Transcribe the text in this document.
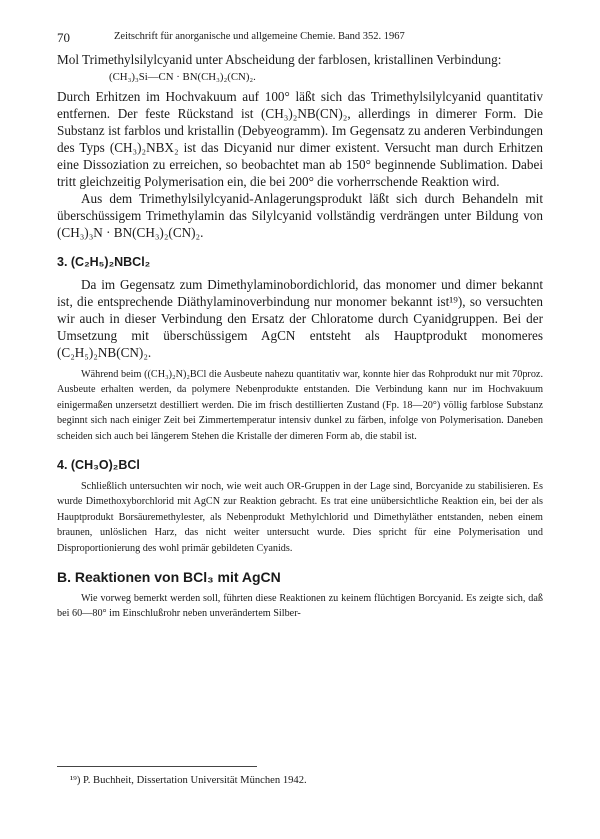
70	Zeitschrift für anorganische und allgemeine Chemie. Band 352. 1967

Mol Trimethylsilylcyanid unter Abscheidung der farblosen, kristallinen Verbindung:

(CH₃)₃Si—CN · BN(CH₃)₂(CN)₂.

Durch Erhitzen im Hochvakuum auf 100° läßt sich das Trimethylsilylcyanid quantitativ entfernen. Der feste Rückstand ist (CH₃)₂NB(CN)₂, allerdings in dimerer Form. Die Substanz ist farblos und kristallin (Debyeogramm). Im Gegensatz zu anderen Verbindungen des Typs (CH₃)₂NBX₂ ist das Dicyanid nur dimer existent. Versucht man durch Erhitzen eine Dissoziation zu erreichen, so beobachtet man ab 150° beginnende Sublimation. Dabei tritt gleichzeitig Polymerisation ein, die bei 200° die vorherrschende Reaktion wird.

Aus dem Trimethylsilylcyanid-Anlagerungsprodukt läßt sich durch Behandeln mit überschüssigem Trimethylamin das Silylcyanid vollständig verdrängen unter Bildung von (CH₃)₃N · BN(CH₃)₂(CN)₂.

3. (C₂H₅)₂NBCl₂

Da im Gegensatz zum Dimethylaminobordichlorid, das monomer und dimer bekannt ist, die entsprechende Diäthylaminoverbindung nur monomer bekannt ist¹⁹), so versuchten wir auch in dieser Verbindung den Ersatz der Chloratome durch Cyanidgruppen. Bei der Umsetzung mit überschüssigem AgCN entsteht als Hauptprodukt monomeres (C₂H₅)₂NB(CN)₂.

Während beim ((CH₃)₂N)₂BCl die Ausbeute nahezu quantitativ war, konnte hier das Rohprodukt nur mit 70proz. Ausbeute erhalten werden, da polymere Nebenprodukte entstanden. Die Verbindung kann nur im Hochvakuum einigermaßen unzersetzt destilliert werden. Die im frisch destillierten Zustand (Fp. 18—20°) völlig farblose Substanz beginnt sich nach einiger Zeit bei Zimmertemperatur intensiv dunkel zu färben, infolge von Polymerisation. Daneben scheiden sich auch bei längerem Stehen die Kristalle der dimeren Form ab, die stabil ist.

4. (CH₃O)₂BCl

Schließlich untersuchten wir noch, wie weit auch OR-Gruppen in der Lage sind, Borcyanide zu stabilisieren. Es wurde Dimethoxyborchlorid mit AgCN zur Reaktion gebracht. Es trat eine unübersichtliche Reaktion ein, bei der als Hauptprodukt Borsäuremethylester, als Nebenprodukt Methylchlorid und Dimethyläther entstanden, neben einem braunen, unlöslichen Harz, das nicht weiter untersucht wurde. Dies spricht für eine Polymerisation und Disproportionierung des wohl primär gebildeten Cyanids.

B. Reaktionen von BCl₃ mit AgCN

Wie vorweg bemerkt werden soll, führten diese Reaktionen zu keinem flüchtigen Borcyanid. Es zeigte sich, daß bei 60—80° im Einschlußrohr neben unverändertem Silber-

¹⁹) P. Buchheit, Dissertation Universität München 1942.
